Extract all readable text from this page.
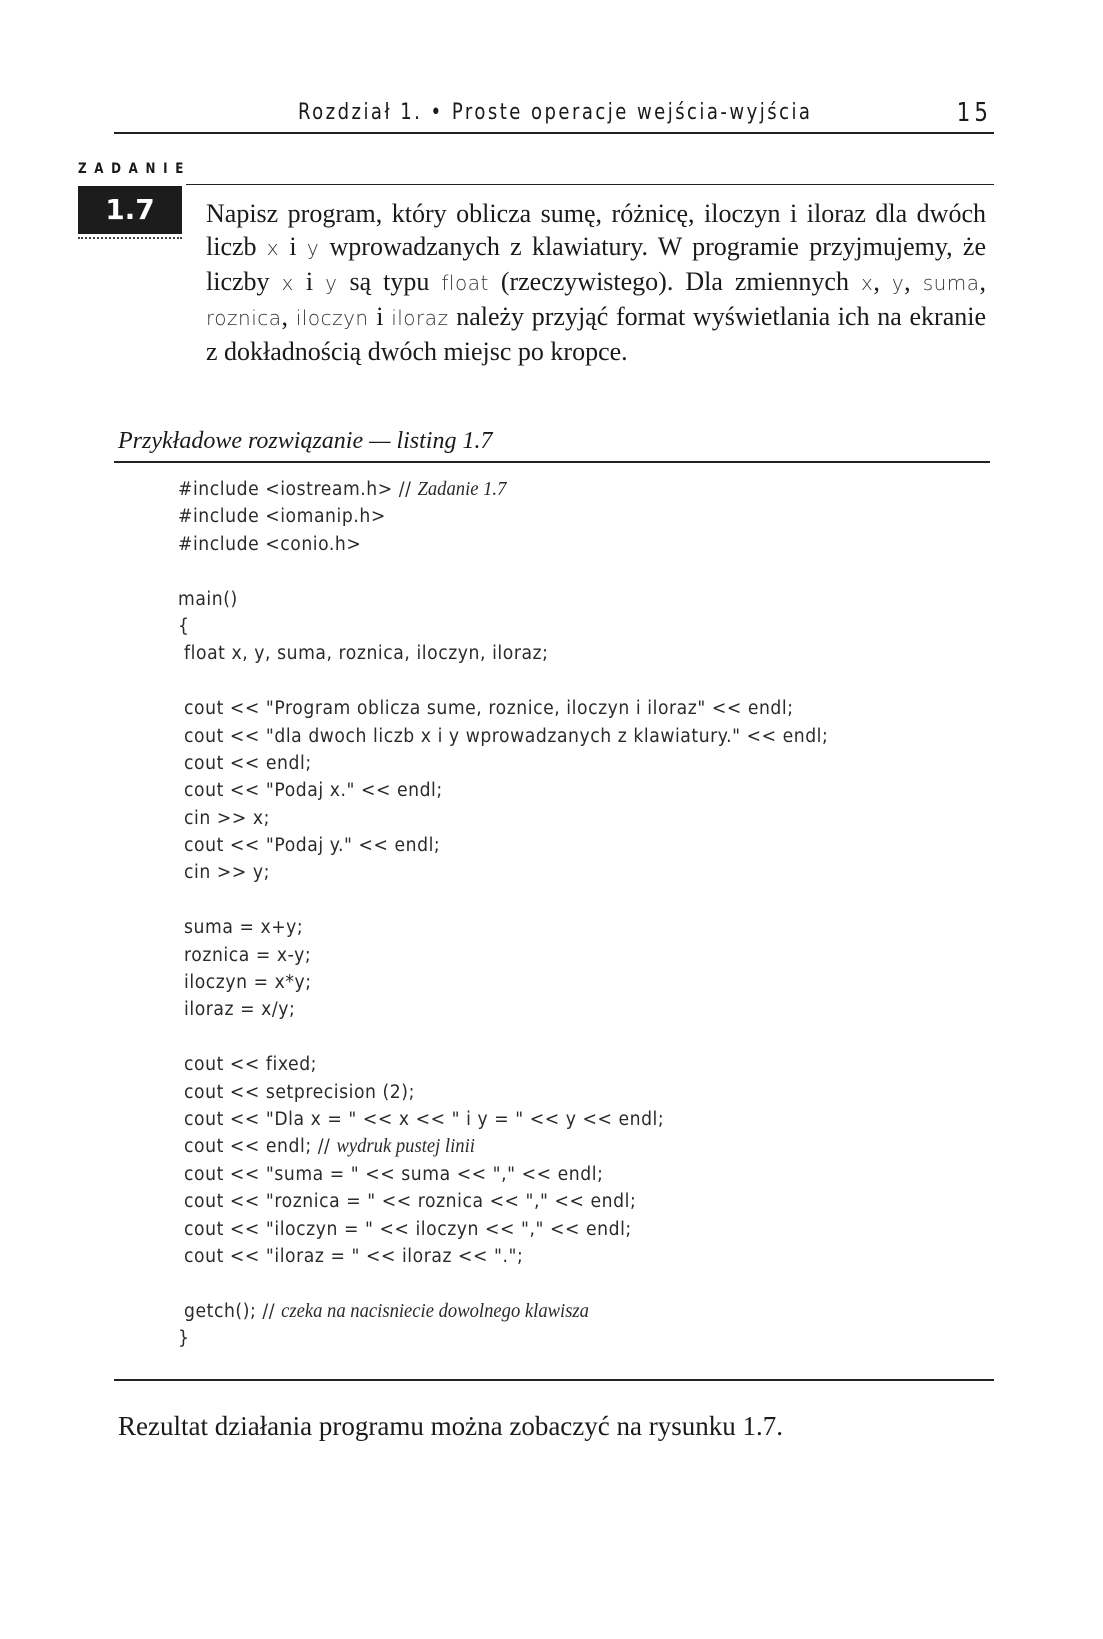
Rozdział 1. • Proste operacje wejścia-wyjścia	15
ZADANIE
1.7	Napisz program, który oblicza sumę, różnicę, iloczyn i iloraz dla dwóch liczb x i y wprowadzanych z klawiatury. W programie przyjmujemy, że liczby x i y są typu float (rzeczywistego). Dla zmiennych x, y, suma, roznica, iloczyn i iloraz należy przyjąć format wyświetlania ich na ekranie z dokładnością dwóch miejsc po kropce.

Przykładowe rozwiązanie — listing 1.7
#include <iostream.h> // Zadanie 1.7
#include <iomanip.h>
#include <conio.h>
main()
{
float x, y, suma, roznica, iloczyn, iloraz;
cout << "Program oblicza sume, roznice, iloczyn i iloraz" << endl;
cout << "dla dwoch liczb x i y wprowadzanych z klawiatury." << endl;
cout << endl;
cout << "Podaj x." << endl;
cin >> x;
cout << "Podaj y." << endl;
cin >> y;
suma = x+y;
roznica = x-y;
iloczyn = x*y;
iloraz = x/y;
cout << fixed;
cout << setprecision (2);
cout << "Dla x = " << x << " i y = " << y << endl;
cout << endl; // wydruk pustej linii
cout << "suma = " << suma << "," << endl;
cout << "roznica = " << roznica << "," << endl;
cout << "iloczyn = " << iloczyn << "," << endl;
cout << "iloraz = " << iloraz << ".";
getch(); // czeka na nacisniecie dowolnego klawisza
}

Rezultat działania programu można zobaczyć na rysunku 1.7.
